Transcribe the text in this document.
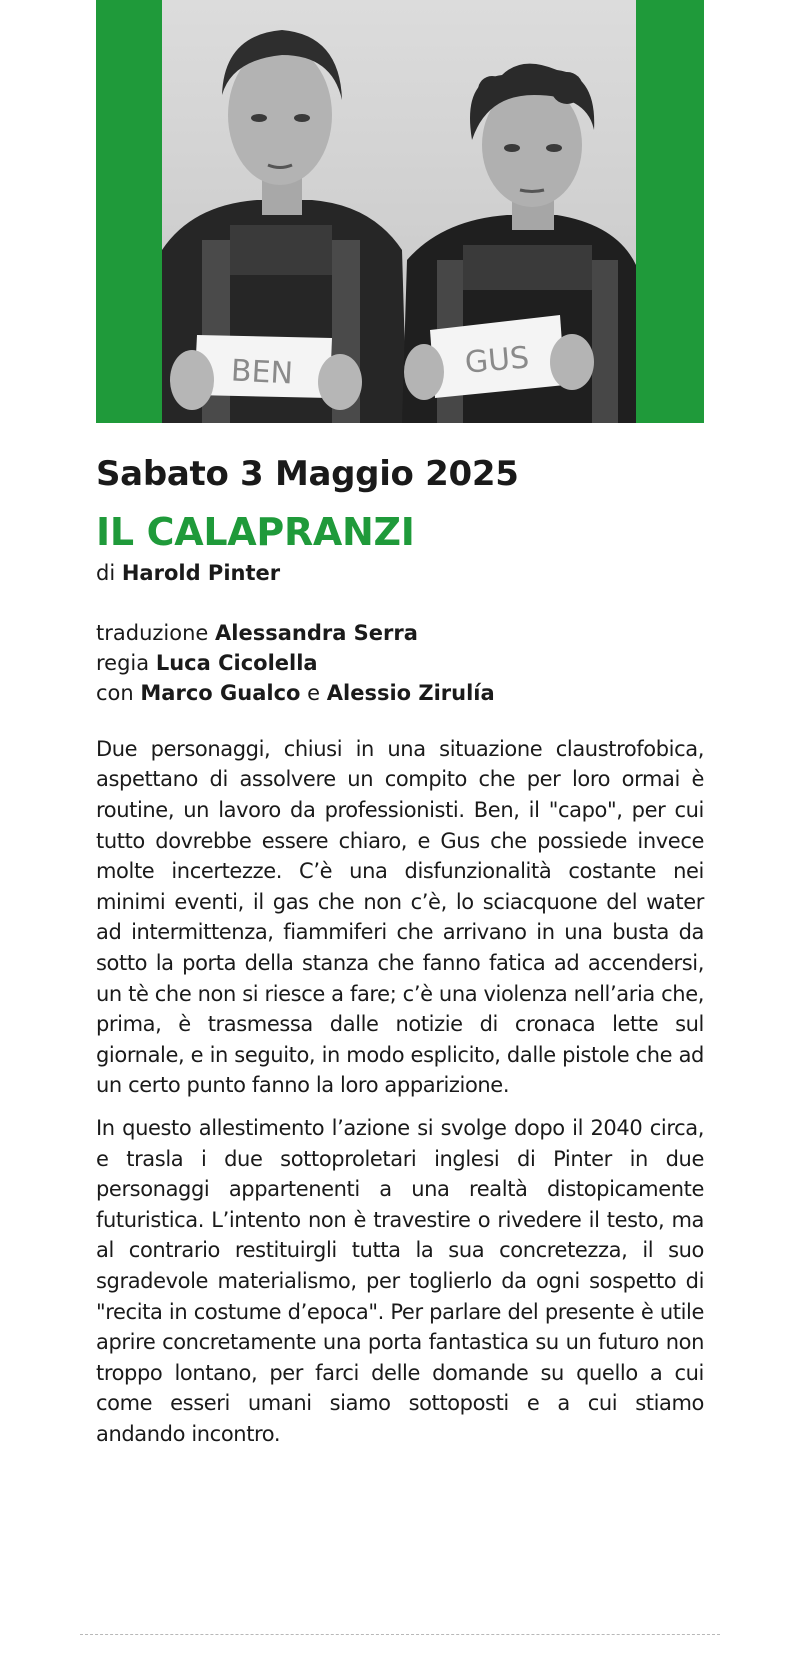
BEN	GUS
Sabato 3 Maggio 2025
IL CALAPRANZI

di Harold Pinter

traduzione Alessandra Serra

regia Luca Cicolella

con Marco Gualco e Alessio Zirulía

Due personaggi, chiusi in una situazione claustrofobica, aspettano di assolvere un compito che per loro ormai è routine, un lavoro da professionisti. Ben, il "capo", per cui tutto dovrebbe essere chiaro, e Gus che possiede invece molte incertezze. C’è una disfunzionalità costante nei minimi eventi, il gas che non c’è, lo sciacquone del water ad intermittenza, fiammiferi che arrivano in una busta da sotto la porta della stanza che fanno fatica ad accendersi, un tè che non si riesce a fare; c’è una violenza nell’aria che, prima, è trasmessa dalle notizie di cronaca lette sul giornale, e in seguito, in modo esplicito, dalle pistole che ad un certo punto fanno la loro apparizione.

In questo allestimento l’azione si svolge dopo il 2040 circa, e trasla i due sottoproletari inglesi di Pinter in due personaggi appartenenti a una realtà distopicamente futuristica. L’intento non è travestire o rivedere il testo, ma al contrario restituirgli tutta la sua concretezza, il suo sgradevole materialismo, per toglierlo da ogni sospetto di "recita in costume d’epoca". Per parlare del presente è utile aprire concretamente una porta fantastica su un futuro non troppo lontano, per farci delle domande su quello a cui come esseri umani siamo sottoposti e a cui stiamo andando incontro.
